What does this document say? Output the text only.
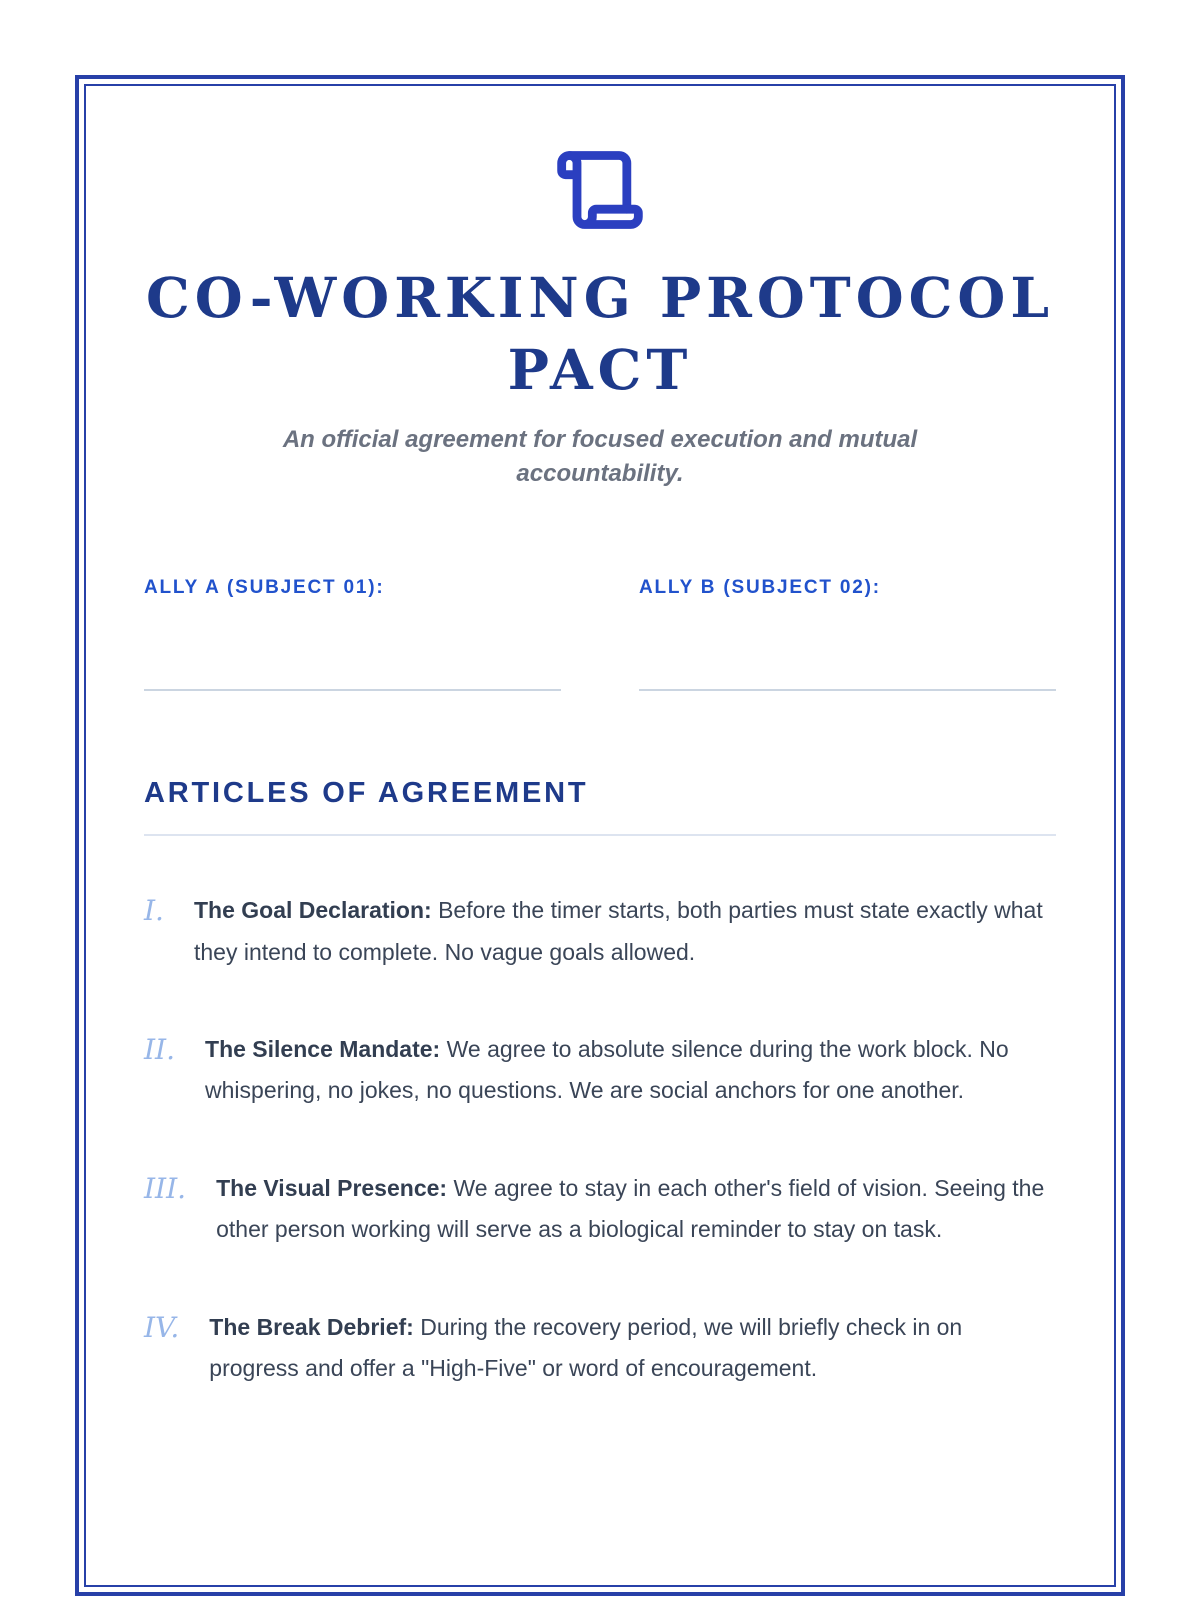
CO-WORKING PROTOCOL PACT

An official agreement for focused execution and mutual accountability.

ALLY A (SUBJECT 01):	ALLY B (SUBJECT 02):
ARTICLES OF AGREEMENT
I. The Goal Declaration: Before the timer starts, both parties must state exactly what they intend to complete. No vague goals allowed.

II. The Silence Mandate: We agree to absolute silence during the work block. No whispering, no jokes, no questions. We are social anchors for one another.

III. The Visual Presence: We agree to stay in each other's field of vision. Seeing the other person working will serve as a biological reminder to stay on task.

IV. The Break Debrief: During the recovery period, we will briefly check in on progress and offer a "High-Five" or word of encouragement.
